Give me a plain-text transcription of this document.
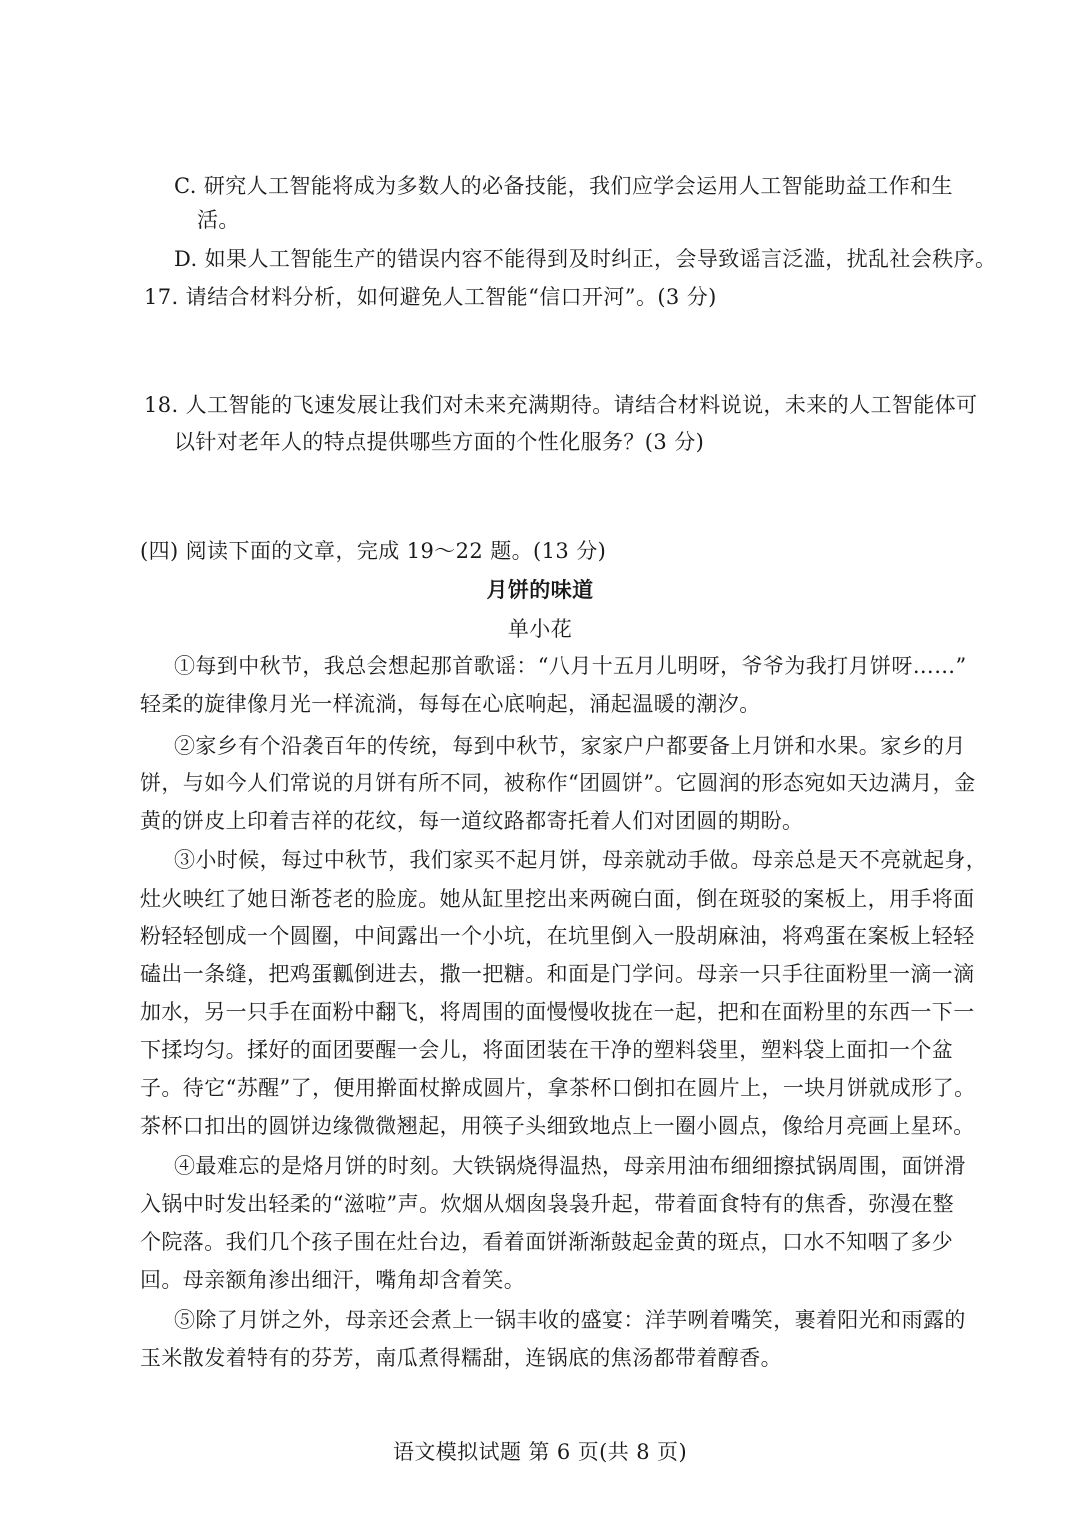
C. 研究人工智能将成为多数人的必备技能，我们应学会运用人工智能助益工作和生
活。
D. 如果人工智能生产的错误内容不能得到及时纠正，会导致谣言泛滥，扰乱社会秩序。
17. 请结合材料分析，如何避免人工智能“信口开河”。(3 分)
18. 人工智能的飞速发展让我们对未来充满期待。请结合材料说说，未来的人工智能体可
以针对老年人的特点提供哪些方面的个性化服务？(3 分)
(四) 阅读下面的文章，完成 19～22 题。(13 分)
月饼的味道
单小花
①每到中秋节，我总会想起那首歌谣：“八月十五月儿明呀，爷爷为我打月饼呀……”
轻柔的旋律像月光一样流淌，每每在心底响起，涌起温暖的潮汐。
②家乡有个沿袭百年的传统，每到中秋节，家家户户都要备上月饼和水果。家乡的月
饼，与如今人们常说的月饼有所不同，被称作“团圆饼”。它圆润的形态宛如天边满月，金
黄的饼皮上印着吉祥的花纹，每一道纹路都寄托着人们对团圆的期盼。
③小时候，每过中秋节，我们家买不起月饼，母亲就动手做。母亲总是天不亮就起身，
灶火映红了她日渐苍老的脸庞。她从缸里挖出来两碗白面，倒在斑驳的案板上，用手将面
粉轻轻刨成一个圆圈，中间露出一个小坑，在坑里倒入一股胡麻油，将鸡蛋在案板上轻轻
磕出一条缝，把鸡蛋瓤倒进去，撒一把糖。和面是门学问。母亲一只手往面粉里一滴一滴
加水，另一只手在面粉中翻飞，将周围的面慢慢收拢在一起，把和在面粉里的东西一下一
下揉均匀。揉好的面团要醒一会儿，将面团装在干净的塑料袋里，塑料袋上面扣一个盆
子。待它“苏醒”了，便用擀面杖擀成圆片，拿茶杯口倒扣在圆片上，一块月饼就成形了。
茶杯口扣出的圆饼边缘微微翘起，用筷子头细致地点上一圈小圆点，像给月亮画上星环。
④最难忘的是烙月饼的时刻。大铁锅烧得温热，母亲用油布细细擦拭锅周围，面饼滑
入锅中时发出轻柔的“滋啦”声。炊烟从烟囱袅袅升起，带着面食特有的焦香，弥漫在整
个院落。我们几个孩子围在灶台边，看着面饼渐渐鼓起金黄的斑点，口水不知咽了多少
回。母亲额角渗出细汗，嘴角却含着笑。
⑤除了月饼之外，母亲还会煮上一锅丰收的盛宴：洋芋咧着嘴笑，裹着阳光和雨露的
玉米散发着特有的芬芳，南瓜煮得糯甜，连锅底的焦汤都带着醇香。
语文模拟试题 第 6 页(共 8 页)
